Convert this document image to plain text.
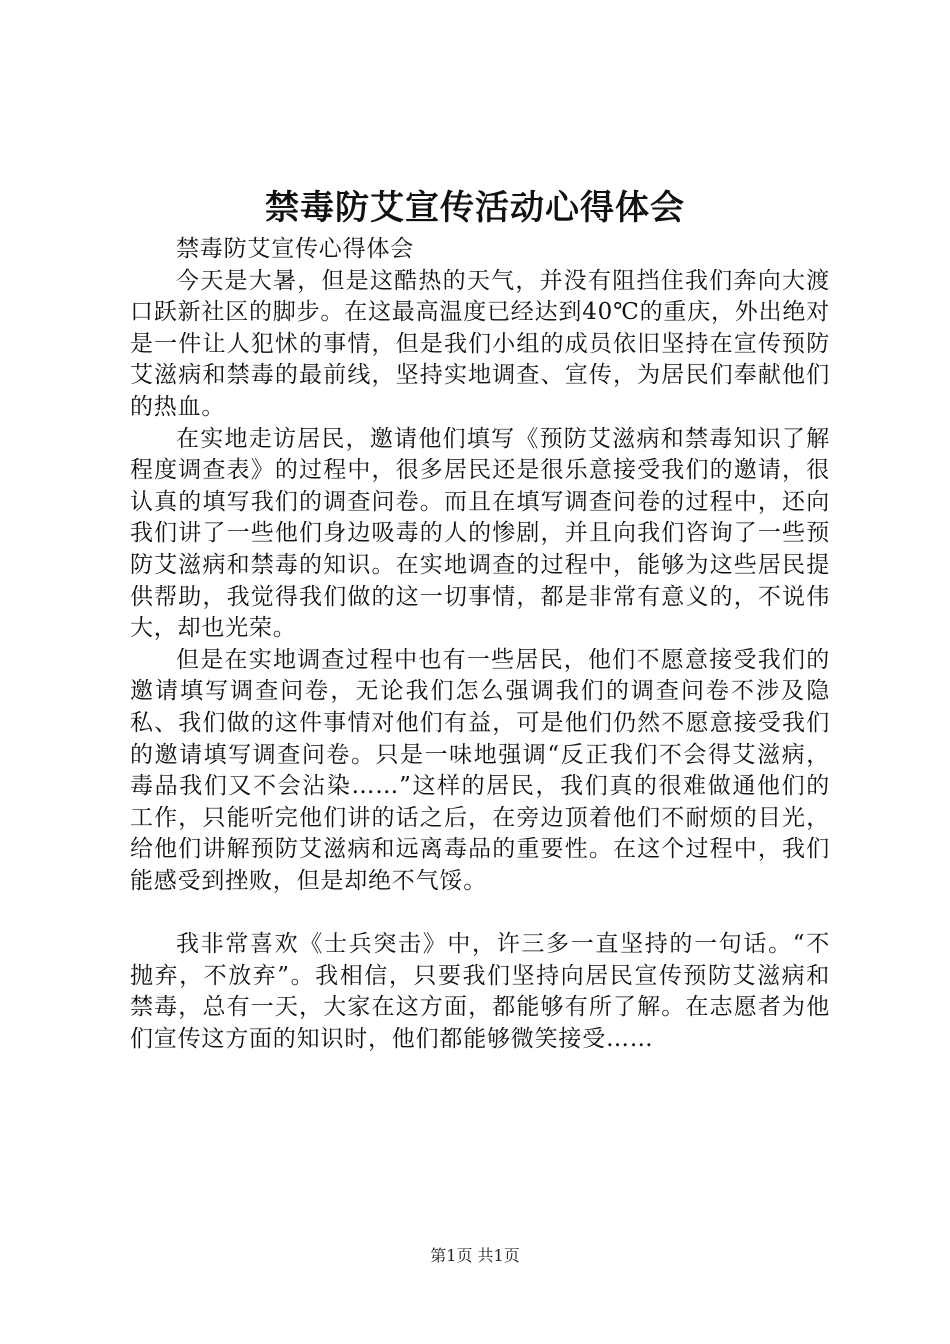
禁毒防艾宣传活动心得体会

禁毒防艾宣传心得体会

今天是大暑，但是这酷热的天气，并没有阻挡住我们奔向大渡口跃新社区的脚步。在这最高温度已经达到40℃的重庆，外出绝对是一件让人犯怵的事情，但是我们小组的成员依旧坚持在宣传预防艾滋病和禁毒的最前线，坚持实地调查、宣传，为居民们奉献他们的热血。

在实地走访居民，邀请他们填写《预防艾滋病和禁毒知识了解程度调查表》的过程中，很多居民还是很乐意接受我们的邀请，很认真的填写我们的调查问卷。而且在填写调查问卷的过程中，还向我们讲了一些他们身边吸毒的人的惨剧，并且向我们咨询了一些预防艾滋病和禁毒的知识。在实地调查的过程中，能够为这些居民提供帮助，我觉得我们做的这一切事情，都是非常有意义的，不说伟大，却也光荣。

但是在实地调查过程中也有一些居民，他们不愿意接受我们的邀请填写调查问卷，无论我们怎么强调我们的调查问卷不涉及隐私、我们做的这件事情对他们有益，可是他们仍然不愿意接受我们的邀请填写调查问卷。只是一味地强调“反正我们不会得艾滋病，毒品我们又不会沾染……”这样的居民，我们真的很难做通他们的工作，只能听完他们讲的话之后，在旁边顶着他们不耐烦的目光，给他们讲解预防艾滋病和远离毒品的重要性。在这个过程中，我们能感受到挫败，但是却绝不气馁。

我非常喜欢《士兵突击》中，许三多一直坚持的一句话。“不抛弃，不放弃”。我相信，只要我们坚持向居民宣传预防艾滋病和禁毒，总有一天，大家在这方面，都能够有所了解。在志愿者为他们宣传这方面的知识时，他们都能够微笑接受……

第1页 共1页
